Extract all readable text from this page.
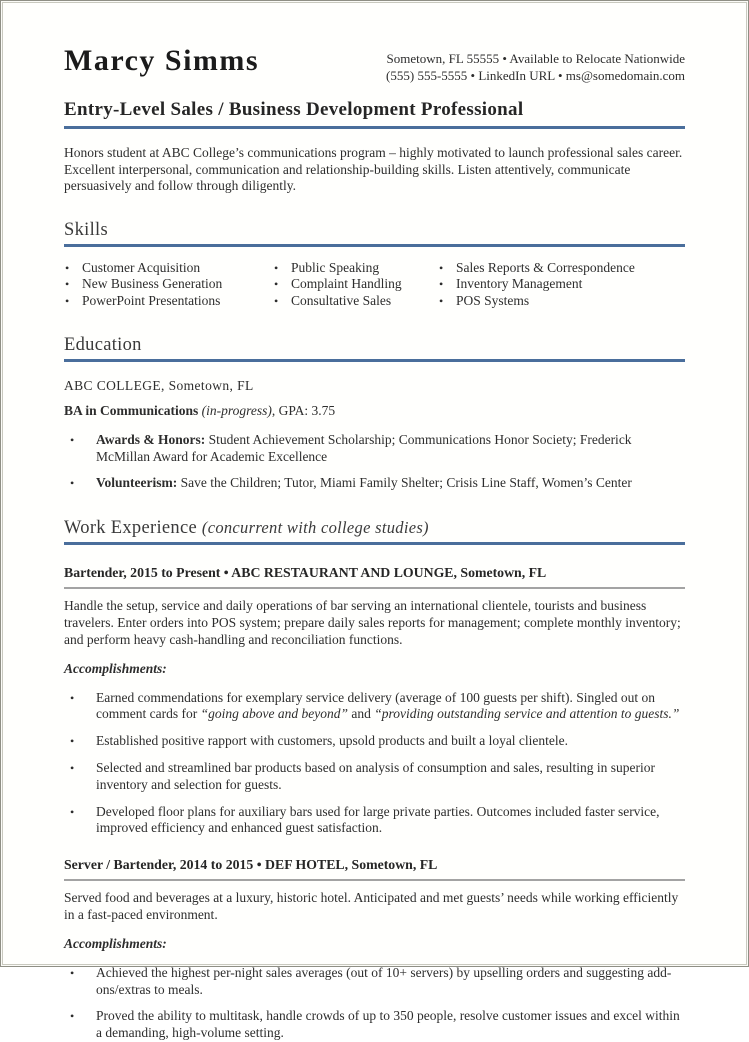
Marcy Simms	Sometown, FL 55555 • Available to Relocate Nationwide
(555) 555-5555 • LinkedIn URL • ms@somedomain.com
Entry-Level Sales / Business Development Professional

Honors student at ABC College’s communications program – highly motivated to launch professional sales career. Excellent interpersonal, communication and relationship-building skills. Listen attentively, communicate persuasively and follow through diligently.

Skills
• Customer Acquisition
• New Business Generation
• PowerPoint Presentations
• Public Speaking
• Complaint Handling
• Consultative Sales
• Sales Reports & Correspondence
• Inventory Management
• POS Systems
Education

ABC COLLEGE, Sometown, FL

BA in Communications (in-progress), GPA: 3.75

• Awards & Honors: Student Achievement Scholarship; Communications Honor Society; Frederick McMillan Award for Academic Excellence
• Volunteerism: Save the Children; Tutor, Miami Family Shelter; Crisis Line Staff, Women’s Center
Work Experience (concurrent with college studies)
Bartender, 2015 to Present • ABC RESTAURANT AND LOUNGE, Sometown, FL

Handle the setup, service and daily operations of bar serving an international clientele, tourists and business travelers. Enter orders into POS system; prepare daily sales reports for management; complete monthly inventory; and perform heavy cash-handling and reconciliation functions.

Accomplishments:

• Earned commendations for exemplary service delivery (average of 100 guests per shift). Singled out on comment cards for “going above and beyond” and “providing outstanding service and attention to guests.”
• Established positive rapport with customers, upsold products and built a loyal clientele.
• Selected and streamlined bar products based on analysis of consumption and sales, resulting in superior inventory and selection for guests.
• Developed floor plans for auxiliary bars used for large private parties. Outcomes included faster service, improved efficiency and enhanced guest satisfaction.
Server / Bartender, 2014 to 2015 • DEF HOTEL, Sometown, FL

Served food and beverages at a luxury, historic hotel. Anticipated and met guests’ needs while working efficiently in a fast-paced environment.

Accomplishments:

• Achieved the highest per-night sales averages (out of 10+ servers) by upselling orders and suggesting add-ons/extras to meals.
• Proved the ability to multitask, handle crowds of up to 350 people, resolve customer issues and excel within a demanding, high-volume setting.
